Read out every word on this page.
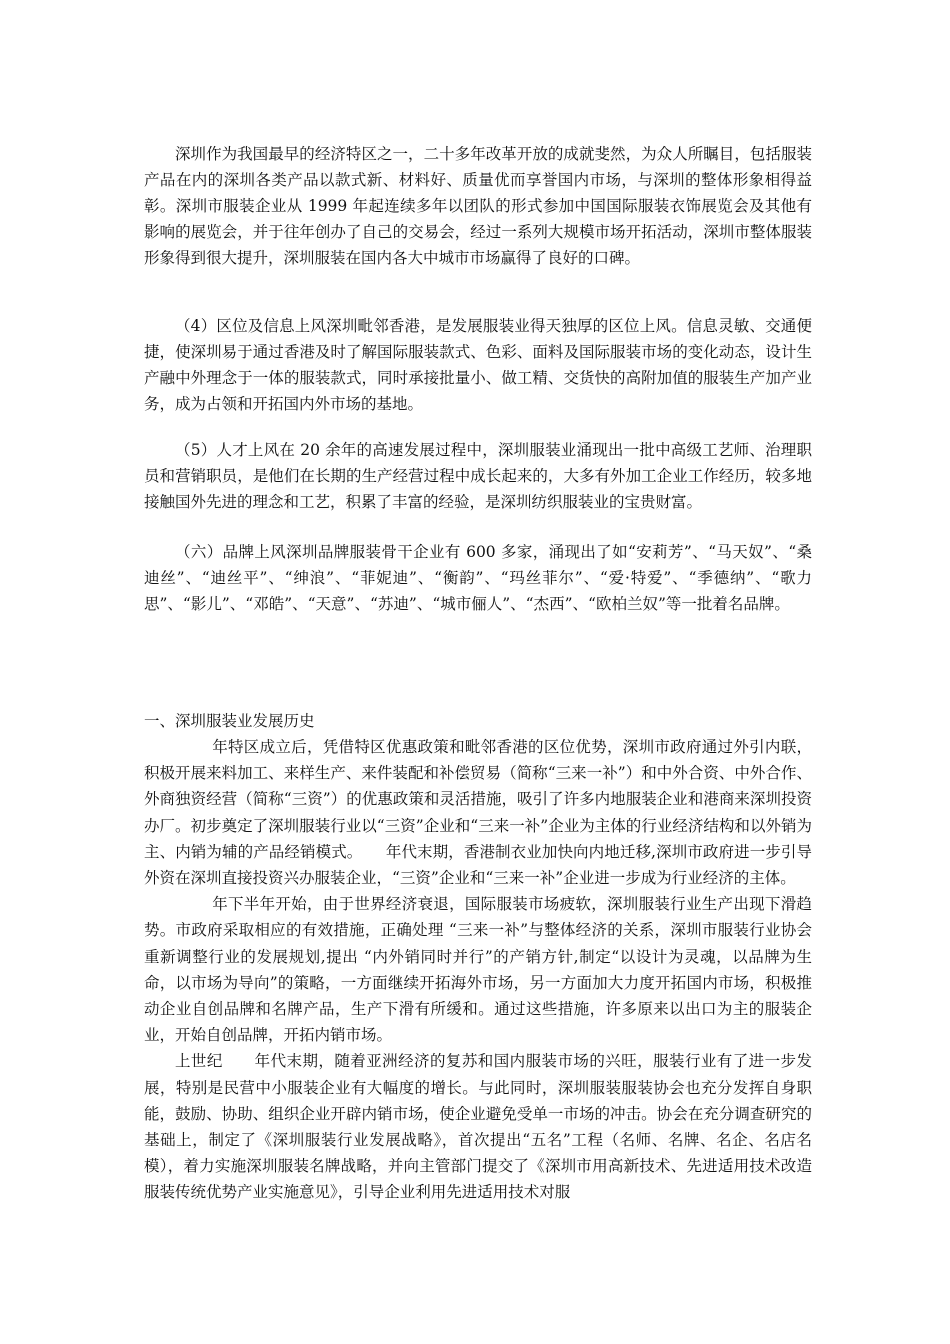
深圳作为我国最早的经济特区之一，二十多年改革开放的成就斐然，为众人所瞩目，包括服装产品在内的深圳各类产品以款式新、材料好、质量优而享誉国内市场，与深圳的整体形象相得益彰。深圳市服装企业从 1999 年起连续多年以团队的形式参加中国国际服装衣饰展览会及其他有影响的展览会，并于往年创办了自己的交易会，经过一系列大规模市场开拓活动，深圳市整体服装形象得到很大提升，深圳服装在国内各大中城市市场赢得了良好的口碑。

（4）区位及信息上风深圳毗邻香港，是发展服装业得天独厚的区位上风。信息灵敏、交通便捷，使深圳易于通过香港及时了解国际服装款式、色彩、面料及国际服装市场的变化动态，设计生产融中外理念于一体的服装款式，同时承接批量小、做工精、交货快的高附加值的服装生产加产业务，成为占领和开拓国内外市场的基地。

（5）人才上风在 20 余年的高速发展过程中，深圳服装业涌现出一批中高级工艺师、治理职员和营销职员，是他们在长期的生产经营过程中成长起来的，大多有外加工企业工作经历，较多地接触国外先进的理念和工艺，积累了丰富的经验，是深圳纺织服装业的宝贵财富。

（六）品牌上风深圳品牌服装骨干企业有 600 多家，涌现出了如“安莉芳”、“马天奴”、“桑迪丝”、“迪丝平”、“绅浪”、“菲妮迪”、“衡韵”、“玛丝菲尔”、“爱·特爱”、“季德纳”、“歌力思”、“影儿”、“邓皓”、“天意”、“苏迪”、“城市俪人”、“杰西”、“欧柏兰奴”等一批着名品牌。

一、深圳服装业发展历史

年特区成立后，凭借特区优惠政策和毗邻香港的区位优势，深圳市政府通过外引内联，积极开展来料加工、来样生产、来件装配和补偿贸易（简称“三来一补”）和中外合资、中外合作、外商独资经营（简称“三资”）的优惠政策和灵活措施，吸引了许多内地服装企业和港商来深圳投资办厂。初步奠定了深圳服装行业以“三资”企业和“三来一补”企业为主体的行业经济结构和以外销为主、内销为辅的产品经销模式。　　年代末期，香港制衣业加快向内地迁移,深圳市政府进一步引导外资在深圳直接投资兴办服装企业，“三资”企业和“三来一补”企业进一步成为行业经济的主体。

年下半年开始，由于世界经济衰退，国际服装市场疲软，深圳服装行业生产出现下滑趋势。市政府采取相应的有效措施，正确处理 “三来一补”与整体经济的关系，深圳市服装行业协会重新调整行业的发展规划,提出 “内外销同时并行”的产销方针,制定“以设计为灵魂，以品牌为生命，以市场为导向”的策略，一方面继续开拓海外市场，另一方面加大力度开拓国内市场，积极推动企业自创品牌和名牌产品，生产下滑有所缓和。通过这些措施，许多原来以出口为主的服装企业，开始自创品牌，开拓内销市场。

上世纪　　年代末期，随着亚洲经济的复苏和国内服装市场的兴旺，服装行业有了进一步发展，特别是民营中小服装企业有大幅度的增长。与此同时，深圳服装服装协会也充分发挥自身职能，鼓励、协助、组织企业开辟内销市场，使企业避免受单一市场的冲击。协会在充分调查研究的基础上，制定了《深圳服装行业发展战略》，首次提出“五名”工程（名师、名牌、名企、名店名模），着力实施深圳服装名牌战略，并向主管部门提交了《深圳市用高新技术、先进适用技术改造服装传统优势产业实施意见》，引导企业利用先进适用技术对服
